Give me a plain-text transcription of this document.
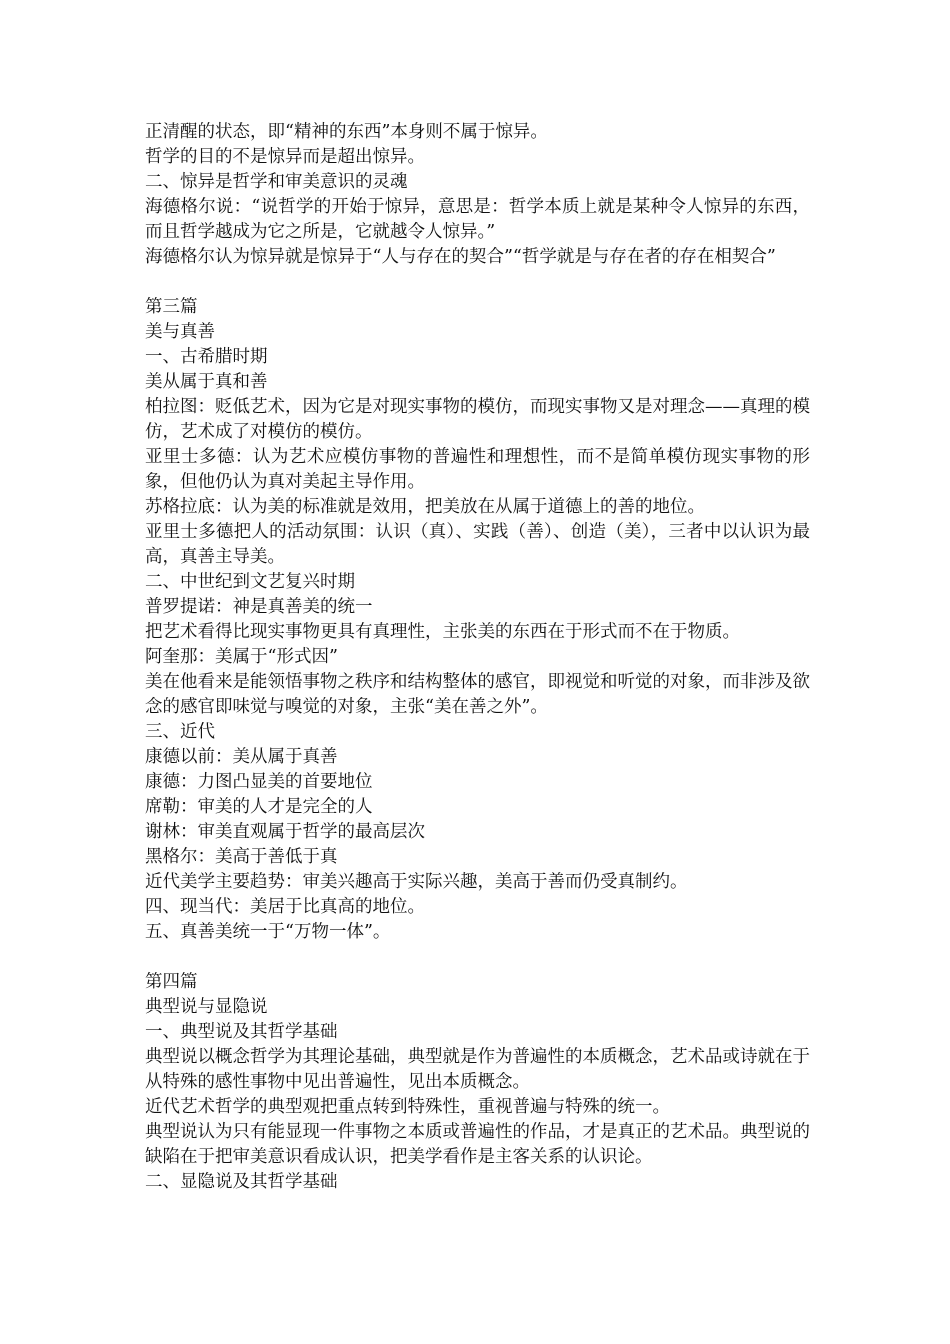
正清醒的状态，即“精神的东西”本身则不属于惊异。

哲学的目的不是惊异而是超出惊异。

二、惊异是哲学和审美意识的灵魂

海德格尔说：“说哲学的开始于惊异，意思是：哲学本质上就是某种令人惊异的东西，而且哲学越成为它之所是，它就越令人惊异。”

海德格尔认为惊异就是惊异于“人与存在的契合”“哲学就是与存在者的存在相契合”

第三篇

美与真善

一、古希腊时期

美从属于真和善

柏拉图：贬低艺术，因为它是对现实事物的模仿，而现实事物又是对理念——真理的模仿，艺术成了对模仿的模仿。

亚里士多德：认为艺术应模仿事物的普遍性和理想性，而不是简单模仿现实事物的形象，但他仍认为真对美起主导作用。

苏格拉底：认为美的标准就是效用，把美放在从属于道德上的善的地位。

亚里士多德把人的活动氛围：认识（真）、实践（善）、创造（美），三者中以认识为最高，真善主导美。

二、中世纪到文艺复兴时期

普罗提诺：神是真善美的统一

把艺术看得比现实事物更具有真理性，主张美的东西在于形式而不在于物质。

阿奎那：美属于“形式因”

美在他看来是能领悟事物之秩序和结构整体的感官，即视觉和听觉的对象，而非涉及欲念的感官即味觉与嗅觉的对象，主张“美在善之外”。

三、近代

康德以前：美从属于真善

康德：力图凸显美的首要地位

席勒：审美的人才是完全的人

谢林：审美直观属于哲学的最高层次

黑格尔：美高于善低于真

近代美学主要趋势：审美兴趣高于实际兴趣，美高于善而仍受真制约。

四、现当代：美居于比真高的地位。

五、真善美统一于“万物一体”。

第四篇

典型说与显隐说

一、典型说及其哲学基础

典型说以概念哲学为其理论基础，典型就是作为普遍性的本质概念，艺术品或诗就在于从特殊的感性事物中见出普遍性，见出本质概念。

近代艺术哲学的典型观把重点转到特殊性，重视普遍与特殊的统一。

典型说认为只有能显现一件事物之本质或普遍性的作品，才是真正的艺术品。典型说的缺陷在于把审美意识看成认识，把美学看作是主客关系的认识论。

二、显隐说及其哲学基础
